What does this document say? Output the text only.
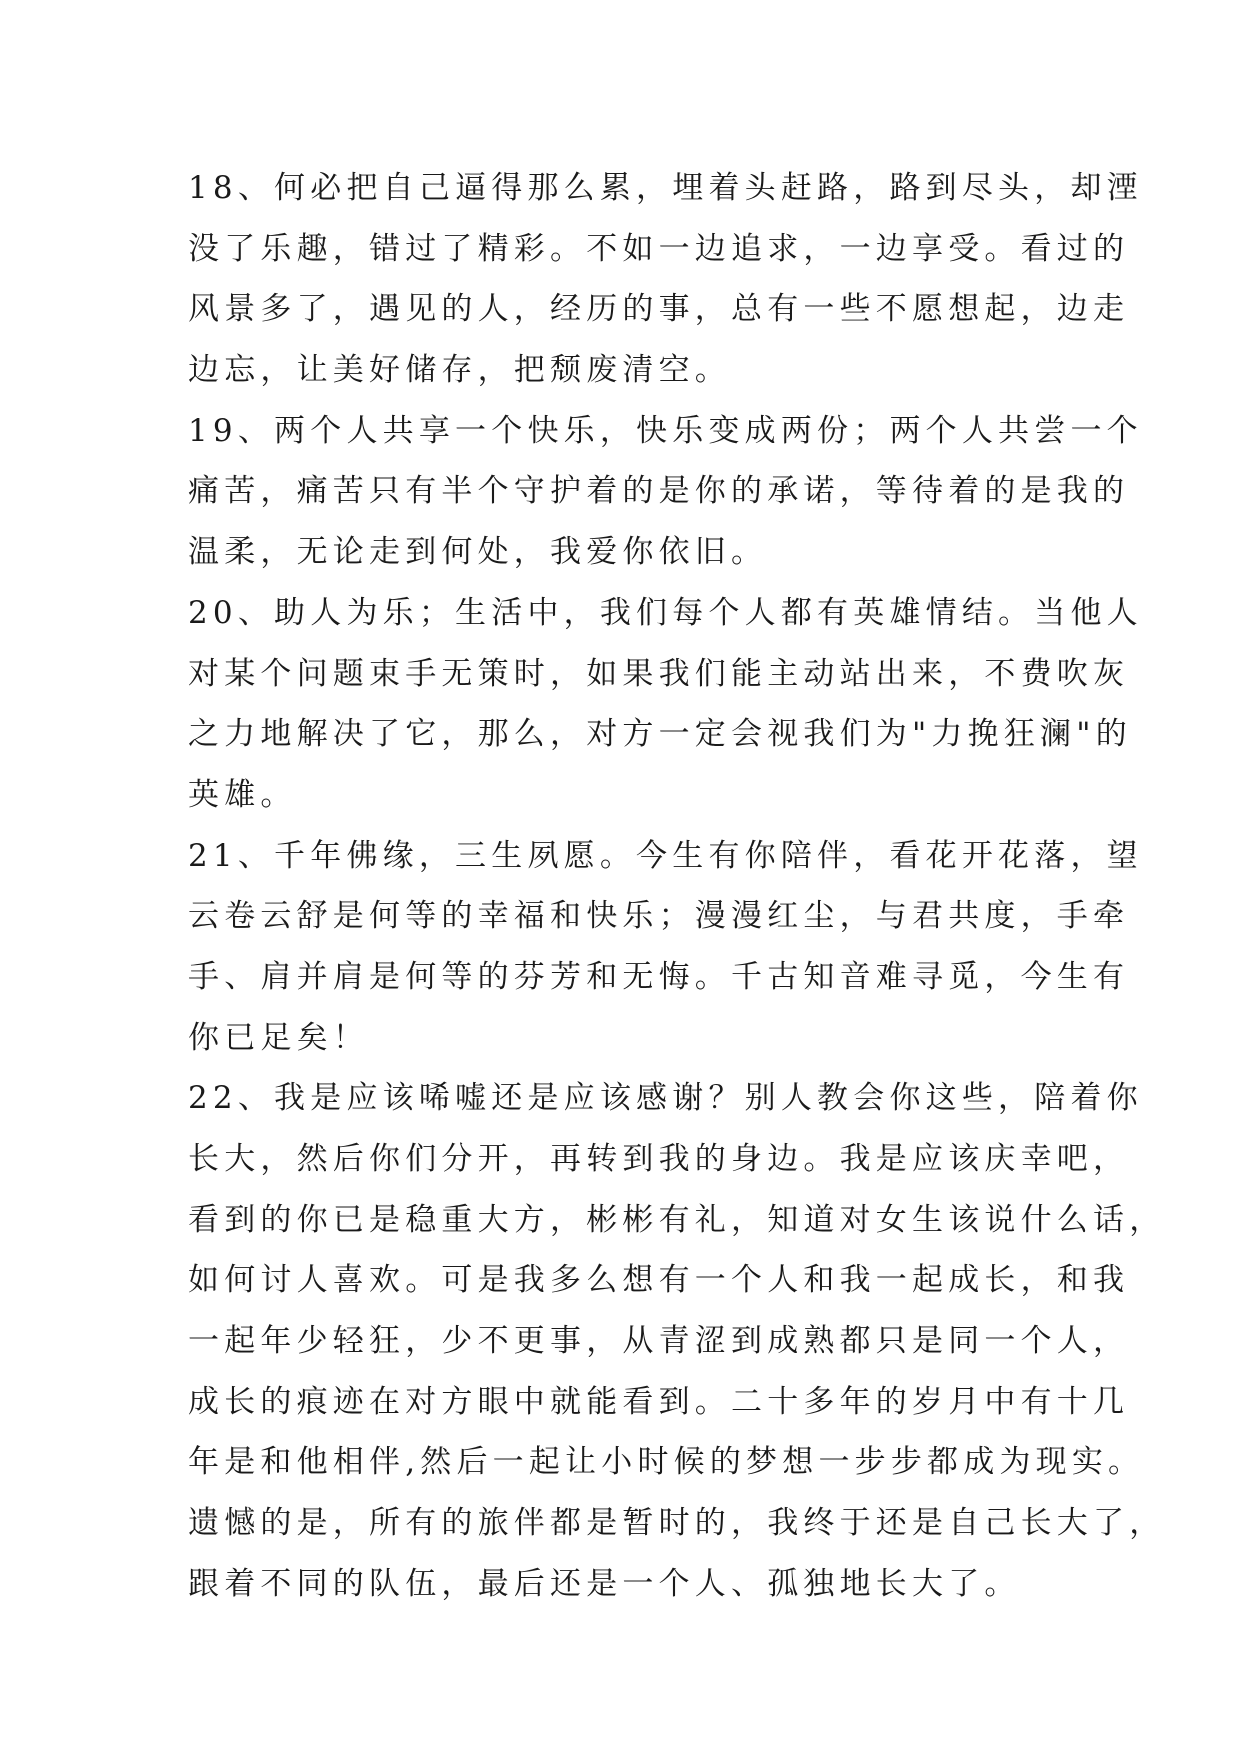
18、何必把自己逼得那么累，埋着头赶路，路到尽头，却湮
没了乐趣，错过了精彩。不如一边追求，一边享受。看过的
风景多了，遇见的人，经历的事，总有一些不愿想起，边走
边忘，让美好储存，把颓废清空。
19、两个人共享一个快乐，快乐变成两份；两个人共尝一个
痛苦，痛苦只有半个守护着的是你的承诺，等待着的是我的
温柔，无论走到何处，我爱你依旧。
20、助人为乐；生活中，我们每个人都有英雄情结。当他人
对某个问题束手无策时，如果我们能主动站出来，不费吹灰
之力地解决了它，那么，对方一定会视我们为"力挽狂澜"的
英雄。
21、千年佛缘，三生夙愿。今生有你陪伴，看花开花落，望
云卷云舒是何等的幸福和快乐；漫漫红尘，与君共度，手牵
手、肩并肩是何等的芬芳和无悔。千古知音难寻觅，今生有
你已足矣！
22、我是应该唏嘘还是应该感谢？别人教会你这些，陪着你
长大，然后你们分开，再转到我的身边。我是应该庆幸吧，
看到的你已是稳重大方，彬彬有礼，知道对女生该说什么话，
如何讨人喜欢。可是我多么想有一个人和我一起成长，和我
一起年少轻狂，少不更事，从青涩到成熟都只是同一个人，
成长的痕迹在对方眼中就能看到。二十多年的岁月中有十几
年是和他相伴,然后一起让小时候的梦想一步步都成为现实。
遗憾的是，所有的旅伴都是暂时的，我终于还是自己长大了，
跟着不同的队伍，最后还是一个人、孤独地长大了。
